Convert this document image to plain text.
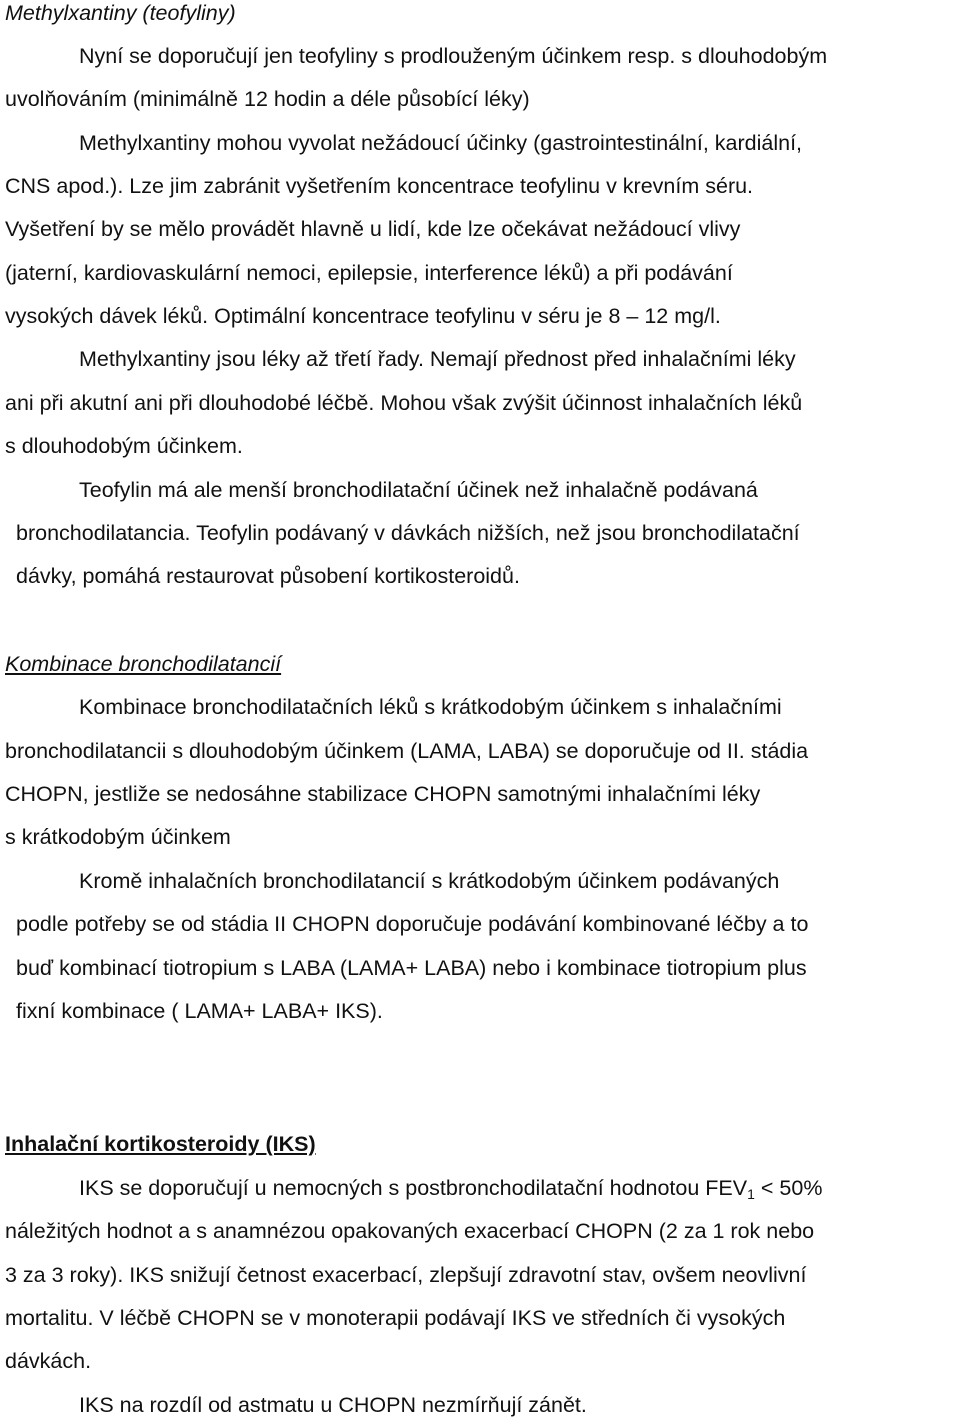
Methylxantiny (teofyliny)
Nyní se doporučují jen teofyliny s prodlouženým účinkem resp. s dlouhodobým
uvolňováním (minimálně 12 hodin a déle působící léky)
Methylxantiny mohou vyvolat nežádoucí účinky (gastrointestinální, kardiální,
CNS apod.). Lze jim zabránit vyšetřením koncentrace teofylinu v krevním séru.
Vyšetření by se mělo provádět hlavně u lidí, kde lze očekávat nežádoucí vlivy
(jaterní, kardiovaskulární nemoci, epilepsie, interference léků) a při podávání
vysokých dávek léků. Optimální koncentrace teofylinu v séru je 8 – 12 mg/l.
Methylxantiny jsou léky až třetí řady. Nemají přednost před inhalačními léky
ani při akutní ani při dlouhodobé léčbě. Mohou však zvýšit účinnost inhalačních léků
s dlouhodobým účinkem.
Teofylin má ale menší bronchodilatační účinek než inhalačně podávaná
bronchodilatancia. Teofylin podávaný v dávkách nižších, než jsou bronchodilatační
dávky, pomáhá restaurovat působení kortikosteroidů.
Kombinace bronchodilatancií
Kombinace bronchodilatačních léků s krátkodobým účinkem s inhalačními
bronchodilatancii s dlouhodobým účinkem (LAMA, LABA) se doporučuje od II. stádia
CHOPN, jestliže se nedosáhne stabilizace CHOPN samotnými inhalačními léky
s krátkodobým účinkem
Kromě inhalačních bronchodilatancií s krátkodobým účinkem podávaných
podle potřeby se od stádia II CHOPN doporučuje podávání kombinované léčby a to
buď kombinací tiotropium s LABA (LAMA+ LABA) nebo i kombinace tiotropium plus
fixní kombinace ( LAMA+ LABA+ IKS).
Inhalační kortikosteroidy (IKS)
IKS se doporučují u nemocných s postbronchodilatační hodnotou $FEV_1 < 50\%$
náležitých hodnot a s anamnézou opakovaných exacerbací CHOPN (2 za 1 rok nebo
3 za 3 roky). IKS snižují četnost exacerbací, zlepšují zdravotní stav, ovšem neovlivní
mortalitu. V léčbě CHOPN se v monoterapii podávají IKS ve středních či vysokých
dávkách.
IKS na rozdíl od astmatu u CHOPN nezmírňují zánět.
